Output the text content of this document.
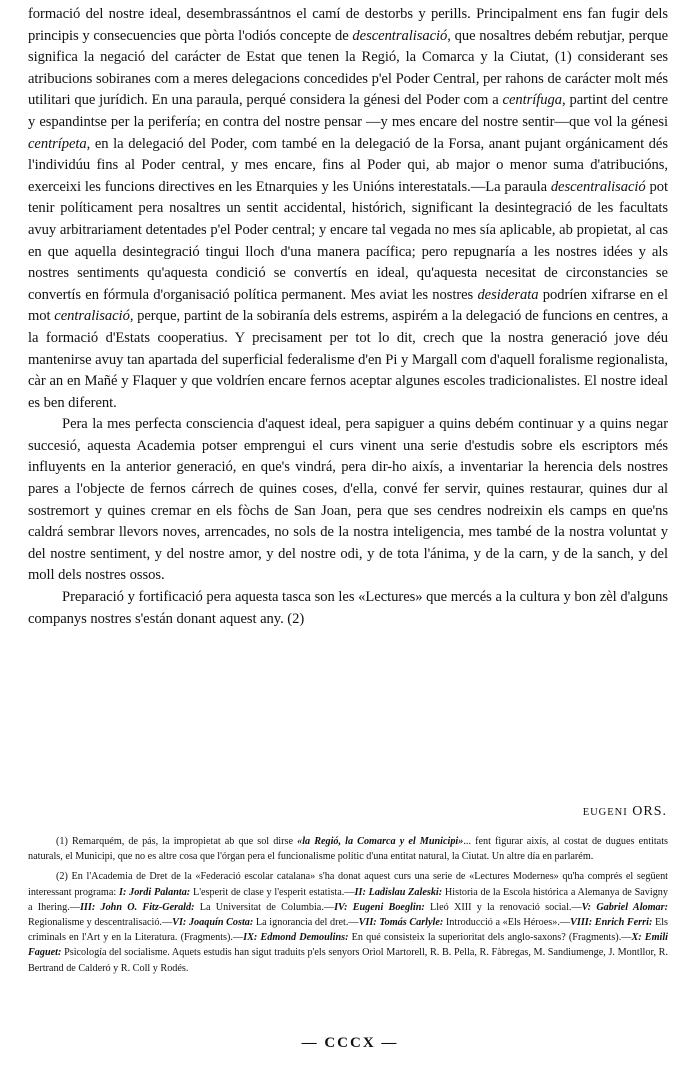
formació del nostre ideal, desembrassántnos el camí de destorbs y perills. Principalment ens fan fugir dels principis y consecuencies que pòrta l'odiós concepte de descentralisació, que nosaltres debém rebutjar, perque significa la negació del carácter de Estat que tenen la Regió, la Comarca y la Ciutat, (1) considerant ses atribucions sobiranes com a meres delegacions concedides p'el Poder Central, per rahons de carácter molt més utilitari que jurídich. En una paraula, perqué considera la génesi del Poder com a centrífuga, partint del centre y espandintse per la perifería; en contra del nostre pensar —y mes encare del nostre sentir—que vol la génesi centrípeta, en la delegació del Poder, com també en la delegació de la Forsa, anant pujant orgánicament dés l'individúu fins al Poder central, y mes encare, fins al Poder qui, ab major o menor suma d'atribucións, exerceixi les funcions directives en les Etnarquies y les Unións interestatals.—La paraula descentralisació pot tenir políticament pera nosaltres un sentit accidental, histórich, significant la desintegració de les facultats avuy arbitrariament detentades p'el Poder central; y encare tal vegada no mes sía aplicable, ab propietat, al cas en que aquella desintegració tingui lloch d'una manera pacífica; pero repugnaría a les nostres idées y als nostres sentiments qu'aquesta condició se convertís en ideal, qu'aquesta necesitat de circonstancies se convertís en fórmula d'organisació política permanent. Mes aviat les nostres desiderata podríen xifrarse en el mot centralisació, perque, partint de la sobiranía dels estrems, aspirém a la delegació de funcions en centres, a la formació d'Estats cooperatius. Y precisament per tot lo dit, crech que la nostra generació jove déu mantenirse avuy tan apartada del superficial federalisme d'en Pi y Margall com d'aquell foralisme regionalista, càr an en Mañé y Flaquer y que voldríen encare fernos aceptar algunes escoles tradicionalistes. El nostre ideal es ben diferent.

Pera la mes perfecta consciencia d'aquest ideal, pera sapiguer a quins debém continuar y a quins negar succesió, aquesta Academia potser emprengui el curs vinent una serie d'estudis sobre els escriptors més influyents en la anterior generació, en que's vindrá, pera dir-ho aixís, a inventariar la herencia dels nostres pares a l'objecte de fernos cárrech de quines coses, d'ella, convé fer servir, quines restaurar, quines dur al sostremort y quines cremar en els fòchs de San Joan, pera que ses cendres nodreixin els camps en que'ns caldrá sembrar llevors noves, arrencades, no sols de la nostra inteligencia, mes també de la nostra voluntat y del nostre sentiment, y del nostre amor, y del nostre odi, y de tota l'ánima, y de la carn, y de la sanch, y del moll dels nostres ossos.

Preparació y fortificació pera aquesta tasca son les «Lectures» que mercés a la cultura y bon zèl d'alguns companys nostres s'están donant aquest any. (2)

EUGENI ORS.

(1) Remarquém, de pás, la impropietat ab que sol dirse «la Regió, la Comarca y el Municipi»... fent figurar aixís, al costat de dugues entitats naturals, el Municipi, que no es altre cosa que l'órgan pera el funcionalisme polític d'una entitat natural, la Ciutat. Un altre día en parlarém.

(2) En l'Academia de Dret de la «Federació escolar catalana» s'ha donat aquest curs una serie de «Lectures Modernes» qu'ha comprés el següent interessant programa: I: Jordi Palanta: L'esperit de clase y l'esperit estatista.—II: Ladislau Zaleski: Historia de la Escola histórica a Alemanya de Savigny a Ihering.—III: John O. Fitz-Gerald: La Universitat de Columbia.—IV: Eugeni Boeglin: Lleó XIII y la renovació social.—V: Gabriel Alomar: Regionalisme y descentralisació.—VI: Joaquín Costa: La ignorancia del dret.—VII: Tomás Carlyle: Introducció a «Els Héroes».—VIII: Enrich Ferri: Els criminals en l'Art y en la Literatura. (Fragments).—IX: Edmond Demoulins: En qué consisteix la superioritat dels anglo-saxons? (Fragments).—X: Emili Faguet: Psicología del socialisme. Aquets estudis han sigut traduits p'els senyors Oriol Martorell, R. B. Pella, R. Fàbregas, M. Sandiumenge, J. Montllor, R. Bertrand de Calderó y R. Coll y Rodés.

— CCCX —
